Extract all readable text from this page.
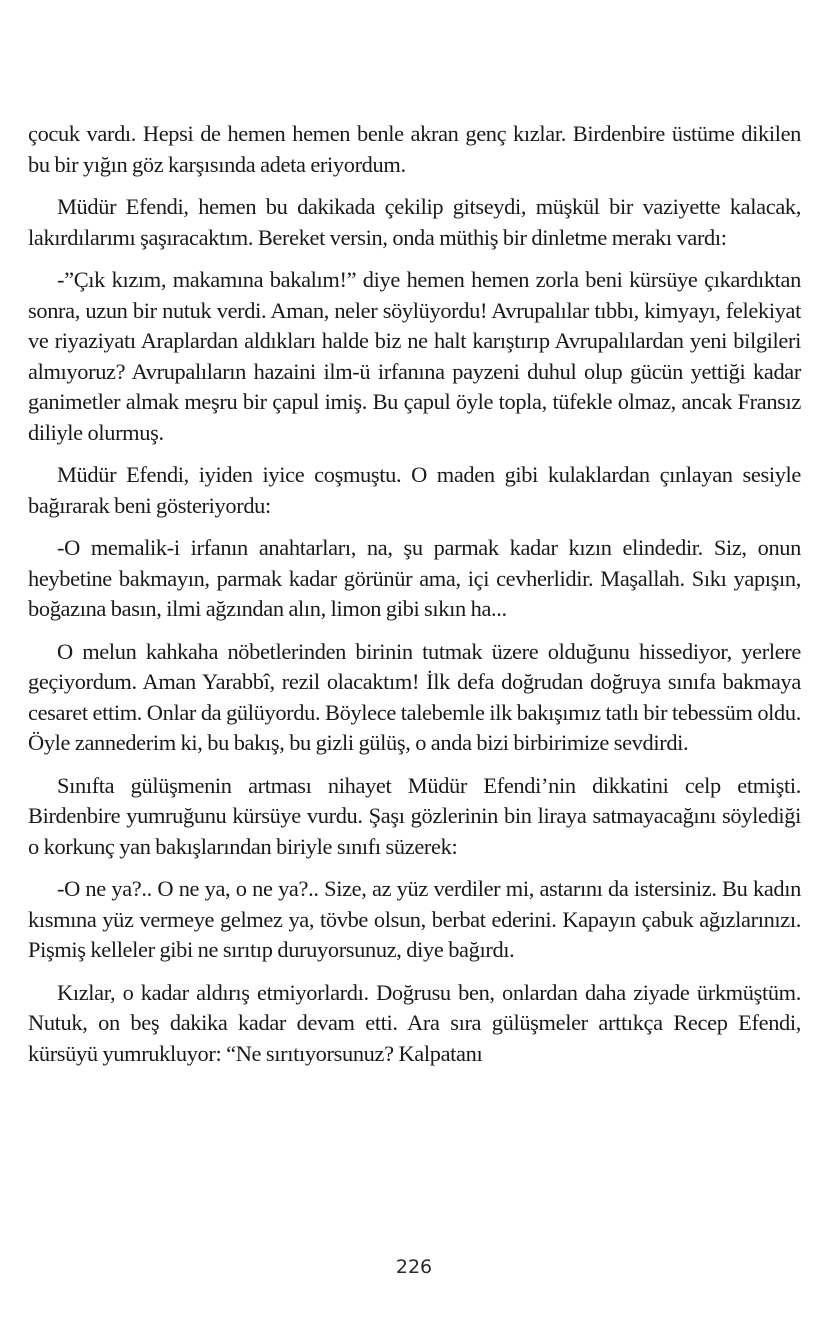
çocuk vardı. Hepsi de hemen hemen benle akran genç kızlar. Birdenbire üstüme dikilen bu bir yığın göz karşısında adeta eriyordum.

Müdür Efendi, hemen bu dakikada çekilip gitseydi, müşkül bir vaziyette kalacak, lakırdılarımı şaşıracaktım. Bereket versin, onda müthiş bir dinletme merakı vardı:

-”Çık kızım, makamına bakalım!” diye hemen hemen zorla beni kürsüye çıkardıktan sonra, uzun bir nutuk verdi. Aman, neler söylüyordu! Avrupalılar tıbbı, kimyayı, felekiyat ve riyaziyatı Araplardan aldıkları halde biz ne halt karıştırıp Avrupalılardan yeni bilgileri almıyoruz? Avrupalıların hazaini ilm-ü irfanına payzeni duhul olup gücün yettiği kadar ganimetler almak meşru bir çapul imiş. Bu çapul öyle topla, tüfekle olmaz, ancak Fransız diliyle olurmuş.

Müdür Efendi, iyiden iyice coşmuştu. O maden gibi kulaklardan çınlayan sesiyle bağırarak beni gösteriyordu:

-O memalik-i irfanın anahtarları, na, şu parmak kadar kızın elindedir. Siz, onun heybetine bakmayın, parmak kadar görünür ama, içi cevherlidir. Maşallah. Sıkı yapışın, boğazına basın, ilmi ağzından alın, limon gibi sıkın ha...

O melun kahkaha nöbetlerinden birinin tutmak üzere olduğunu hissediyor, yerlere geçiyordum. Aman Yarabbî, rezil olacaktım! İlk defa doğrudan doğruya sınıfa bakmaya cesaret ettim. Onlar da gülüyordu. Böylece talebemle ilk bakışımız tatlı bir tebessüm oldu. Öyle zannederim ki, bu bakış, bu gizli gülüş, o anda bizi birbirimize sevdirdi.

Sınıfta gülüşmenin artması nihayet Müdür Efendi’nin dikkatini celp etmişti. Birdenbire yumruğunu kürsüye vurdu. Şaşı gözlerinin bin liraya satmayacağını söylediği o korkunç yan bakışlarından biriyle sınıfı süzerek:

-O ne ya?.. O ne ya, o ne ya?.. Size, az yüz verdiler mi, astarını da istersiniz. Bu kadın kısmına yüz vermeye gelmez ya, tövbe olsun, berbat ederini. Kapayın çabuk ağızlarınızı. Pişmiş kelleler gibi ne sırıtıp duruyorsunuz, diye bağırdı.

Kızlar, o kadar aldırış etmiyorlardı. Doğrusu ben, onlardan daha ziyade ürkmüştüm. Nutuk, on beş dakika kadar devam etti. Ara sıra gülüşmeler arttıkça Recep Efendi, kürsüyü yumrukluyor: “Ne sırıtıyorsunuz? Kalpatanı

226
